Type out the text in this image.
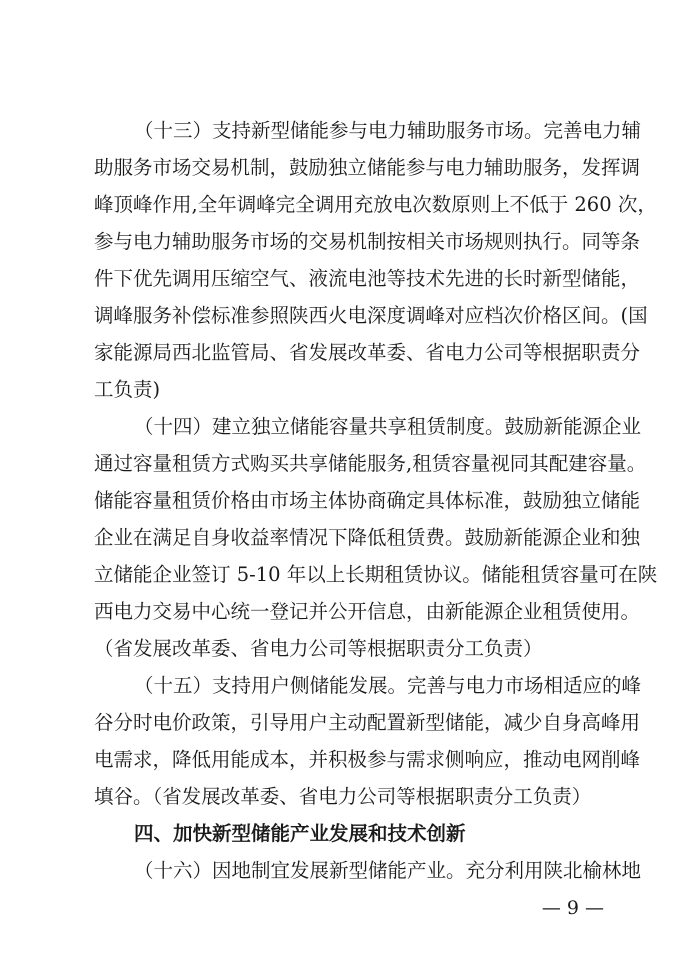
（十三）支持新型储能参与电力辅助服务市场。完善电力辅
助服务市场交易机制，鼓励独立储能参与电力辅助服务，发挥调
峰顶峰作用,全年调峰完全调用充放电次数原则上不低于 260 次，
参与电力辅助服务市场的交易机制按相关市场规则执行。同等条
件下优先调用压缩空气、液流电池等技术先进的长时新型储能，
调峰服务补偿标准参照陕西火电深度调峰对应档次价格区间。(国
家能源局西北监管局、省发展改革委、省电力公司等根据职责分
工负责)
（十四）建立独立储能容量共享租赁制度。鼓励新能源企业
通过容量租赁方式购买共享储能服务,租赁容量视同其配建容量。
储能容量租赁价格由市场主体协商确定具体标准，鼓励独立储能
企业在满足自身收益率情况下降低租赁费。鼓励新能源企业和独
立储能企业签订 5-10 年以上长期租赁协议。储能租赁容量可在陕
西电力交易中心统一登记并公开信息，由新能源企业租赁使用。
（省发展改革委、省电力公司等根据职责分工负责）
（十五）支持用户侧储能发展。完善与电力市场相适应的峰
谷分时电价政策，引导用户主动配置新型储能，减少自身高峰用
电需求，降低用能成本，并积极参与需求侧响应，推动电网削峰
填谷。（省发展改革委、省电力公司等根据职责分工负责）
四、加快新型储能产业发展和技术创新
（十六）因地制宜发展新型储能产业。充分利用陕北榆林地
— 9 —
